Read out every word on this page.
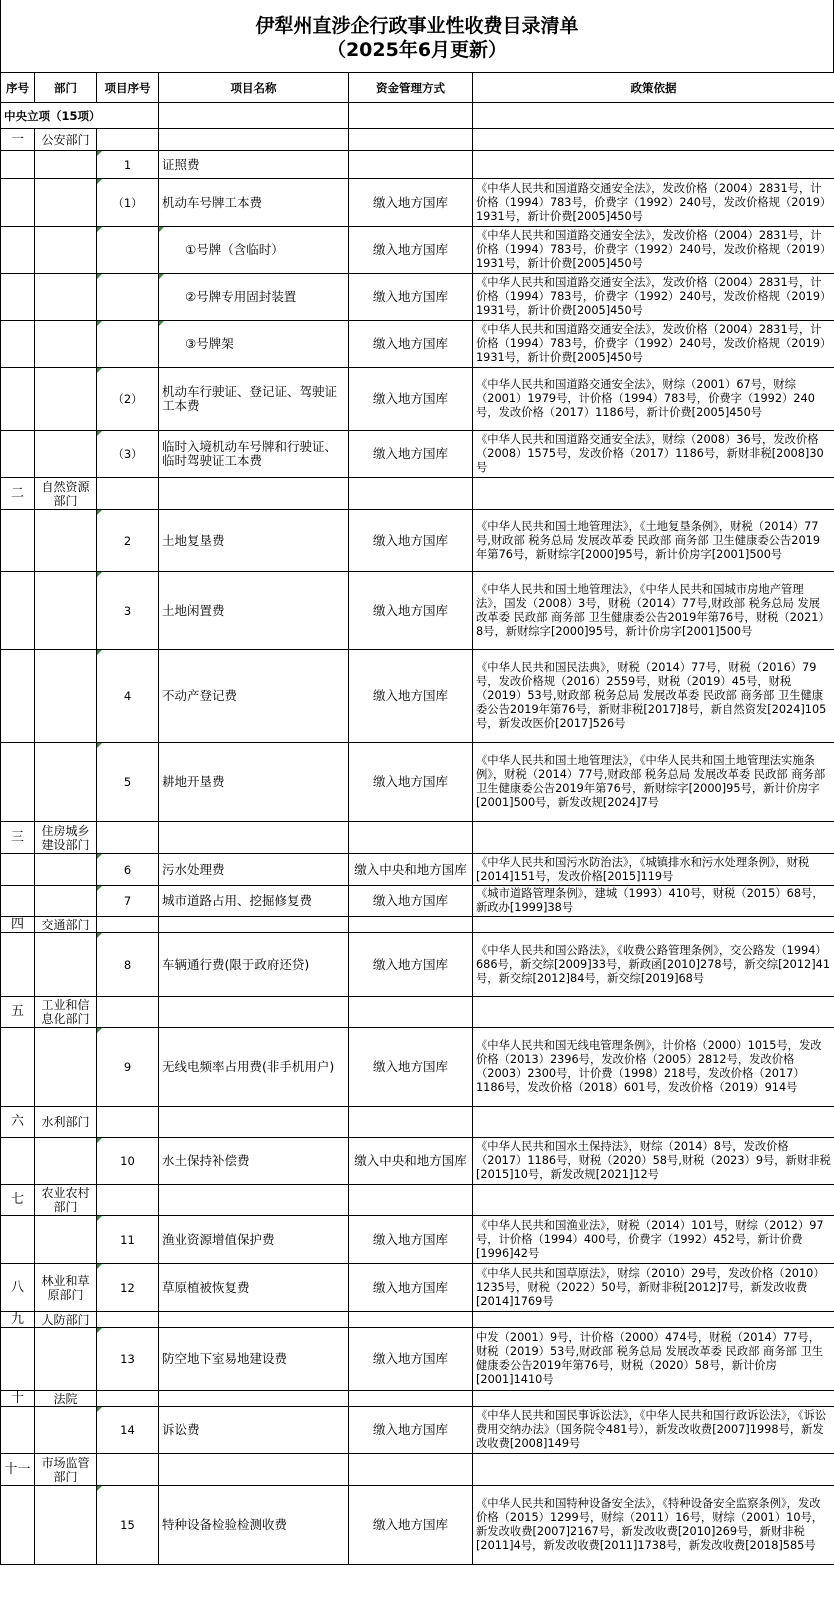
伊犁州直涉企行政事业性收费目录清单
（2025年6月更新）
序号	部门	项目序号	项目名称	资金管理方式	政策依据
中央立项（15项）					
一	公安部门				
		1	证照费		
		（1）	机动车号牌工本费	缴入地方国库	《中华人民共和国道路交通安全法》，发改价格（2004）2831号，计价格（1994）783号，价费字（1992）240号，发改价格规（2019）1931号，新计价费[2005]450号
			①号牌（含临时）	缴入地方国库	《中华人民共和国道路交通安全法》，发改价格（2004）2831号，计价格（1994）783号，价费字（1992）240号，发改价格规（2019）1931号，新计价费[2005]450号
			②号牌专用固封装置	缴入地方国库	《中华人民共和国道路交通安全法》，发改价格（2004）2831号，计价格（1994）783号，价费字（1992）240号，发改价格规（2019）1931号，新计价费[2005]450号
			③号牌架	缴入地方国库	《中华人民共和国道路交通安全法》，发改价格（2004）2831号，计价格（1994）783号，价费字（1992）240号，发改价格规（2019）1931号，新计价费[2005]450号
		（2）	机动车行驶证、登记证、驾驶证工本费	缴入地方国库	《中华人民共和国道路交通安全法》，财综（2001）67号，财综（2001）1979号，计价格（1994）783号，价费字（1992）240号，发改价格（2017）1186号，新计价费[2005]450号
		（3）	临时入境机动车号牌和行驶证、临时驾驶证工本费	缴入地方国库	《中华人民共和国道路交通安全法》，财综（2008）36号，发改价格（2008）1575号，发改价格（2017）1186号，新财非税[2008]30号
二	自然资源部门				
		2	土地复垦费	缴入地方国库	《中华人民共和国土地管理法》，《土地复垦条例》，财税（2014）77号,财政部 税务总局 发展改革委 民政部 商务部 卫生健康委公告2019年第76号，新财综字[2000]95号，新计价房字[2001]500号
		3	土地闲置费	缴入地方国库	《中华人民共和国土地管理法》，《中华人民共和国城市房地产管理法》，国发（2008）3号，财税（2014）77号,财政部 税务总局 发展改革委 民政部 商务部 卫生健康委公告2019年第76号，财税（2021）8号，新财综字[2000]95号，新计价房字[2001]500号
		4	不动产登记费	缴入地方国库	《中华人民共和国民法典》，财税（2014）77号，财税（2016）79号，发改价格规（2016）2559号，财税（2019）45号，财税（2019）53号,财政部 税务总局 发展改革委 民政部 商务部 卫生健康委公告2019年第76号，新财非税[2017]8号，新自然资发[2024]105号，新发改医价[2017]526号
		5	耕地开垦费	缴入地方国库	《中华人民共和国土地管理法》，《中华人民共和国土地管理法实施条例》，财税（2014）77号,财政部 税务总局 发展改革委 民政部 商务部 卫生健康委公告2019年第76号，新财综字[2000]95号，新计价房字[2001]500号，新发改规[2024]7号
三	住房城乡建设部门				
		6	污水处理费	缴入中央和地方国库	《中华人民共和国污水防治法》，《城镇排水和污水处理条例》，财税[2014]151号，发改价格[2015]119号
		7	城市道路占用、挖掘修复费	缴入地方国库	《城市道路管理条例》，建城（1993）410号，财税（2015）68号，新政办[1999]38号
四	交通部门				
		8	车辆通行费(限于政府还贷)	缴入地方国库	《中华人民共和国公路法》，《收费公路管理条例》，交公路发（1994）686号，新交综[2009]33号，新政函[2010]278号，新交综[2012]41号，新交综[2012]84号，新交综[2019]68号
五	工业和信息化部门				
		9	无线电频率占用费(非手机用户)	缴入地方国库	《中华人民共和国无线电管理条例》，计价格（2000）1015号，发改价格（2013）2396号，发改价格（2005）2812号，发改价格（2003）2300号，计价费（1998）218号，发改价格（2017）1186号，发改价格（2018）601号，发改价格（2019）914号
六	水利部门				
		10	水土保持补偿费	缴入中央和地方国库	《中华人民共和国水土保持法》，财综（2014）8号，发改价格（2017）1186号，财税（2020）58号,财税（2023）9号，新财非税[2015]10号，新发改规[2021]12号
七	农业农村部门				
		11	渔业资源增值保护费	缴入地方国库	《中华人民共和国渔业法》，财税（2014）101号，财综（2012）97号，计价格（1994）400号，价费字（1992）452号，新计价费[1996]42号
八	林业和草原部门	12	草原植被恢复费	缴入地方国库	《中华人民共和国草原法》，财综（2010）29号，发改价格（2010）1235号，财税（2022）50号，新财非税[2012]7号，新发改收费[2014]1769号
九	人防部门				
		13	防空地下室易地建设费	缴入地方国库	中发（2001）9号，计价格（2000）474号，财税（2014）77号，财税（2019）53号,财政部 税务总局 发展改革委 民政部 商务部 卫生健康委公告2019年第76号，财税（2020）58号，新计价房[2001]1410号
十	法院				
		14	诉讼费	缴入地方国库	《中华人民共和国民事诉讼法》，《中华人民共和国行政诉讼法》，《诉讼费用交纳办法》（国务院令481号），新发改收费[2007]1998号，新发改收费[2008]149号
十一	市场监管部门				
		15	特种设备检验检测收费	缴入地方国库	《中华人民共和国特种设备安全法》，《特种设备安全监察条例》，发改价格（2015）1299号，财综（2011）16号，财综（2001）10号，新发改收费[2007]2167号，新发改收费[2010]269号，新财非税[2011]4号，新发改收费[2011]1738号，新发改收费[2018]585号
